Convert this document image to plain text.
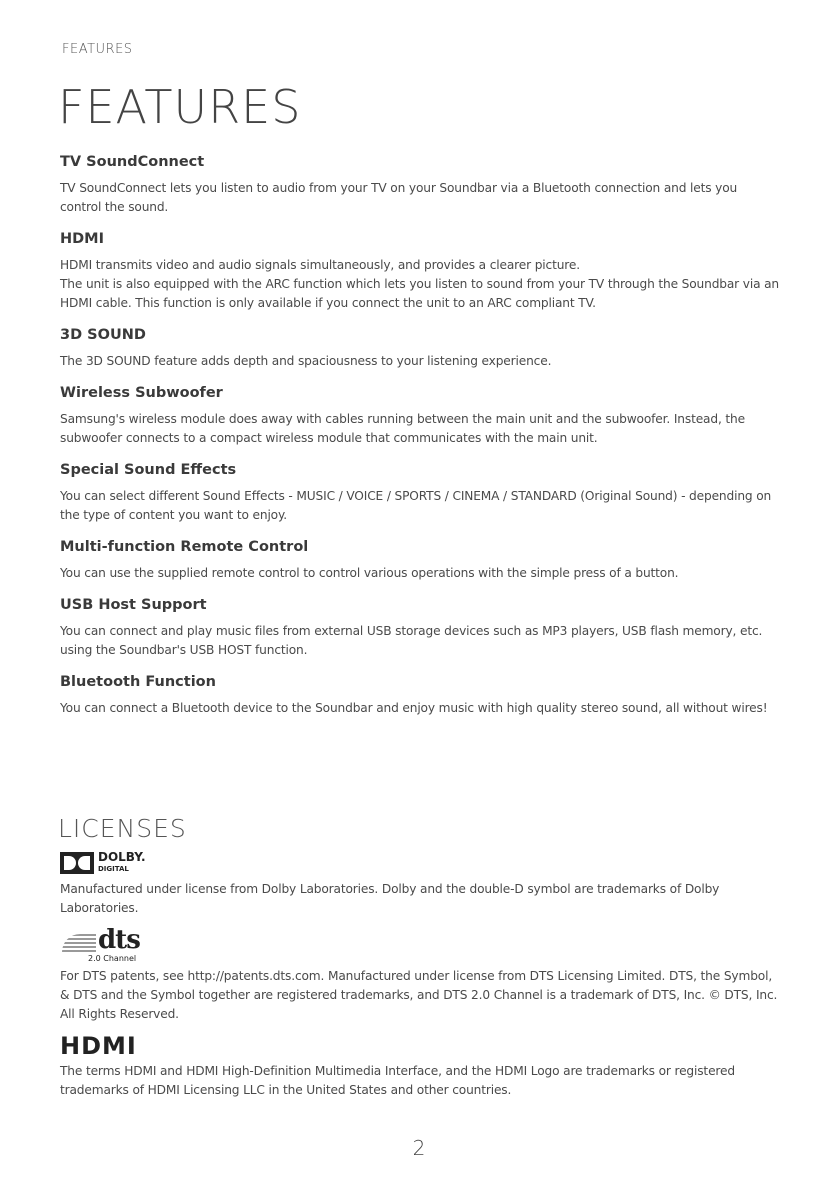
FEATURES
FEATURES
TV SoundConnect

TV SoundConnect lets you listen to audio from your TV on your Soundbar via a Bluetooth connection and lets you control the sound.

HDMI

HDMI transmits video and audio signals simultaneously, and provides a clearer picture.
The unit is also equipped with the ARC function which lets you listen to sound from your TV through the Soundbar via an HDMI cable. This function is only available if you connect the unit to an ARC compliant TV.

3D SOUND

The 3D SOUND feature adds depth and spaciousness to your listening experience.

Wireless Subwoofer

Samsung's wireless module does away with cables running between the main unit and the subwoofer. Instead, the subwoofer connects to a compact wireless module that communicates with the main unit.

Special Sound Effects

You can select different Sound Effects - MUSIC / VOICE / SPORTS / CINEMA / STANDARD (Original Sound) - depending on the type of content you want to enjoy.

Multi-function Remote Control

You can use the supplied remote control to control various operations with the simple press of a button.

USB Host Support

You can connect and play music files from external USB storage devices such as MP3 players, USB flash memory, etc. using the Soundbar's USB HOST function.

Bluetooth Function

You can connect a Bluetooth device to the Soundbar and enjoy music with high quality stereo sound, all without wires!

LICENSES
DOLBY.
DIGITAL

Manufactured under license from Dolby Laboratories. Dolby and the double-D symbol are trademarks of Dolby Laboratories.

dts
2.0 Channel

For DTS patents, see http://patents.dts.com. Manufactured under license from DTS Licensing Limited. DTS, the Symbol, & DTS and the Symbol together are registered trademarks, and DTS 2.0 Channel is a trademark of DTS, Inc. © DTS, Inc. All Rights Reserved.

HDMI

The terms HDMI and HDMI High-Definition Multimedia Interface, and the HDMI Logo are trademarks or registered trademarks of HDMI Licensing LLC in the United States and other countries.

2
